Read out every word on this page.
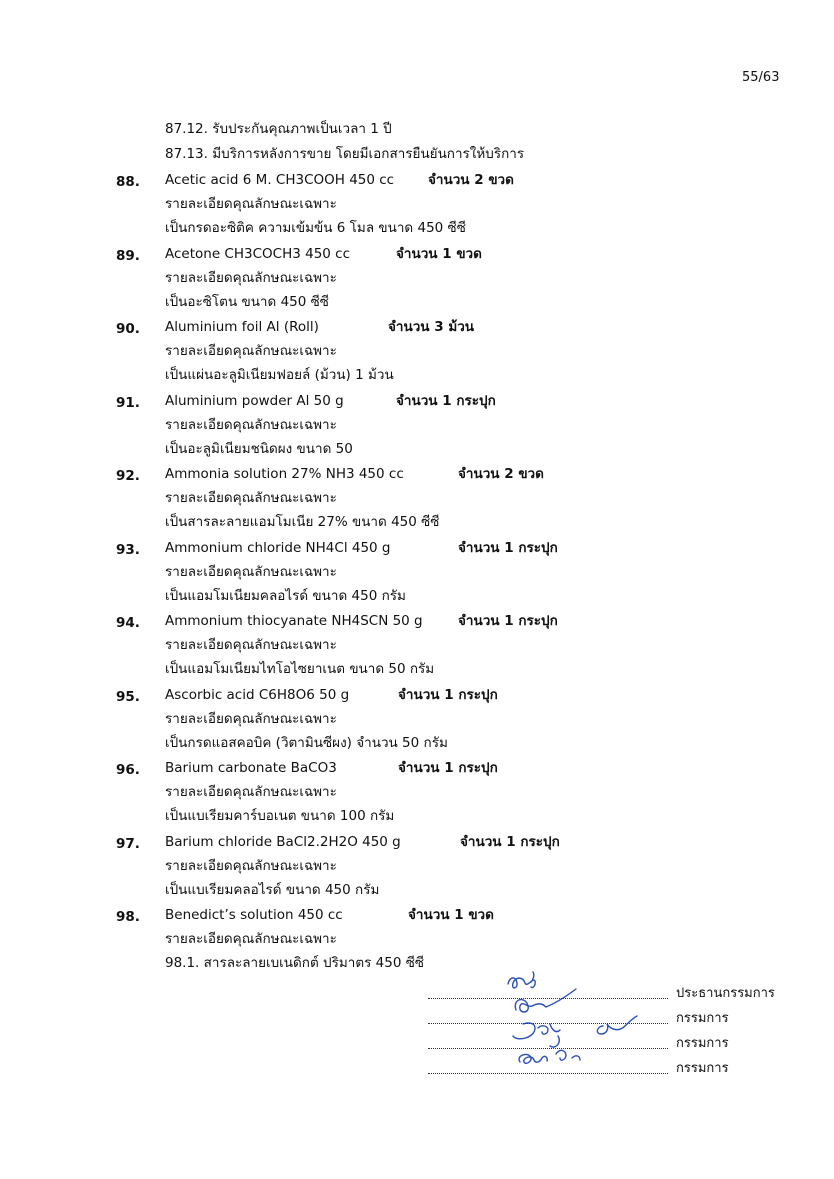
55/63
87.12. รับประกันคุณภาพเป็นเวลา 1 ปี
87.13. มีบริการหลังการขาย โดยมีเอกสารยืนยันการให้บริการ
88. Acetic acid 6 M. CH3COOH 450 cc	จำนวน 2 ขวด
รายละเอียดคุณลักษณะเฉพาะ
เป็นกรดอะซิติค ความเข้มข้น 6 โมล ขนาด 450 ซีซี
89. Acetone CH3COCH3 450 cc	จำนวน 1 ขวด
รายละเอียดคุณลักษณะเฉพาะ
เป็นอะซิโตน ขนาด 450 ซีซี
90. Aluminium foil Al (Roll)	จำนวน 3 ม้วน
รายละเอียดคุณลักษณะเฉพาะ
เป็นแผ่นอะลูมิเนียมฟอยล์ (ม้วน) 1 ม้วน
91. Aluminium powder Al 50 g	จำนวน 1 กระปุก
รายละเอียดคุณลักษณะเฉพาะ
เป็นอะลูมิเนียมชนิดผง ขนาด 50
92. Ammonia solution 27% NH3 450 cc	จำนวน 2 ขวด
รายละเอียดคุณลักษณะเฉพาะ
เป็นสารละลายแอมโมเนีย 27% ขนาด 450 ซีซี
93. Ammonium chloride NH4Cl 450 g	จำนวน 1 กระปุก
รายละเอียดคุณลักษณะเฉพาะ
เป็นแอมโมเนียมคลอไรด์ ขนาด 450 กรัม
94. Ammonium thiocyanate NH4SCN 50 g	จำนวน 1 กระปุก
รายละเอียดคุณลักษณะเฉพาะ
เป็นแอมโมเนียมไทโอไซยาเนต ขนาด 50 กรัม
95. Ascorbic acid C6H8O6 50 g	จำนวน 1 กระปุก
รายละเอียดคุณลักษณะเฉพาะ
เป็นกรดแอสคอบิค (วิตามินซีผง) จำนวน 50 กรัม
96. Barium carbonate BaCO3	จำนวน 1 กระปุก
รายละเอียดคุณลักษณะเฉพาะ
เป็นแบเรียมคาร์บอเนต ขนาด 100 กรัม
97. Barium chloride BaCl2.2H2O 450 g	จำนวน 1 กระปุก
รายละเอียดคุณลักษณะเฉพาะ
เป็นแบเรียมคลอไรด์ ขนาด 450 กรัม
98. Benedict’s solution 450 cc	จำนวน 1 ขวด
รายละเอียดคุณลักษณะเฉพาะ
98.1. สารละลายเบเนดิกต์ ปริมาตร 450 ซีซี
ประธานกรรมการ
กรรมการ
กรรมการ
กรรมการ
